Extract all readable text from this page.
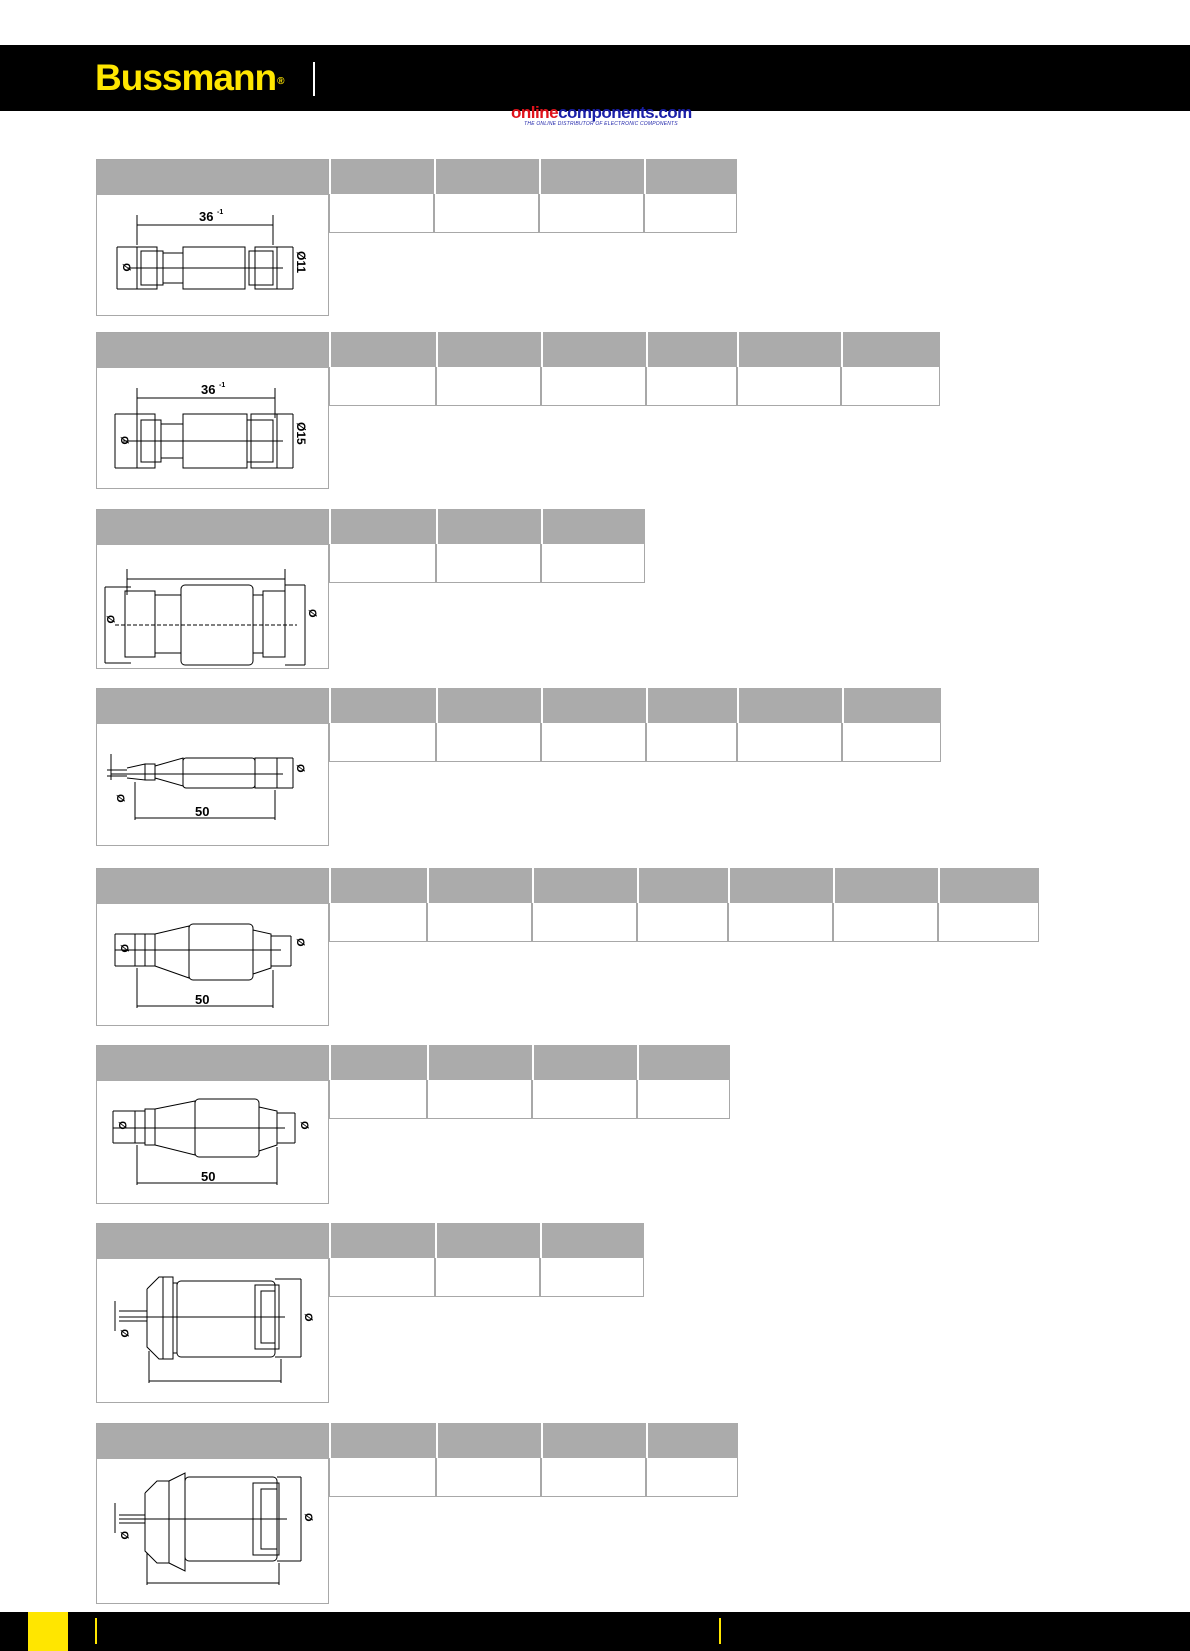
Bussmann®
onlinecomponents.com
THE ONLINE DISTRIBUTOR OF ELECTRONIC COMPONENTS
36 -1
Ø	Ø11
36 -1
Ø	Ø15
Ø
Ø
50
Ø
Ø
50
Ø
Ø
50
Ø	Ø
Ø
Ø
Ø
Ø
